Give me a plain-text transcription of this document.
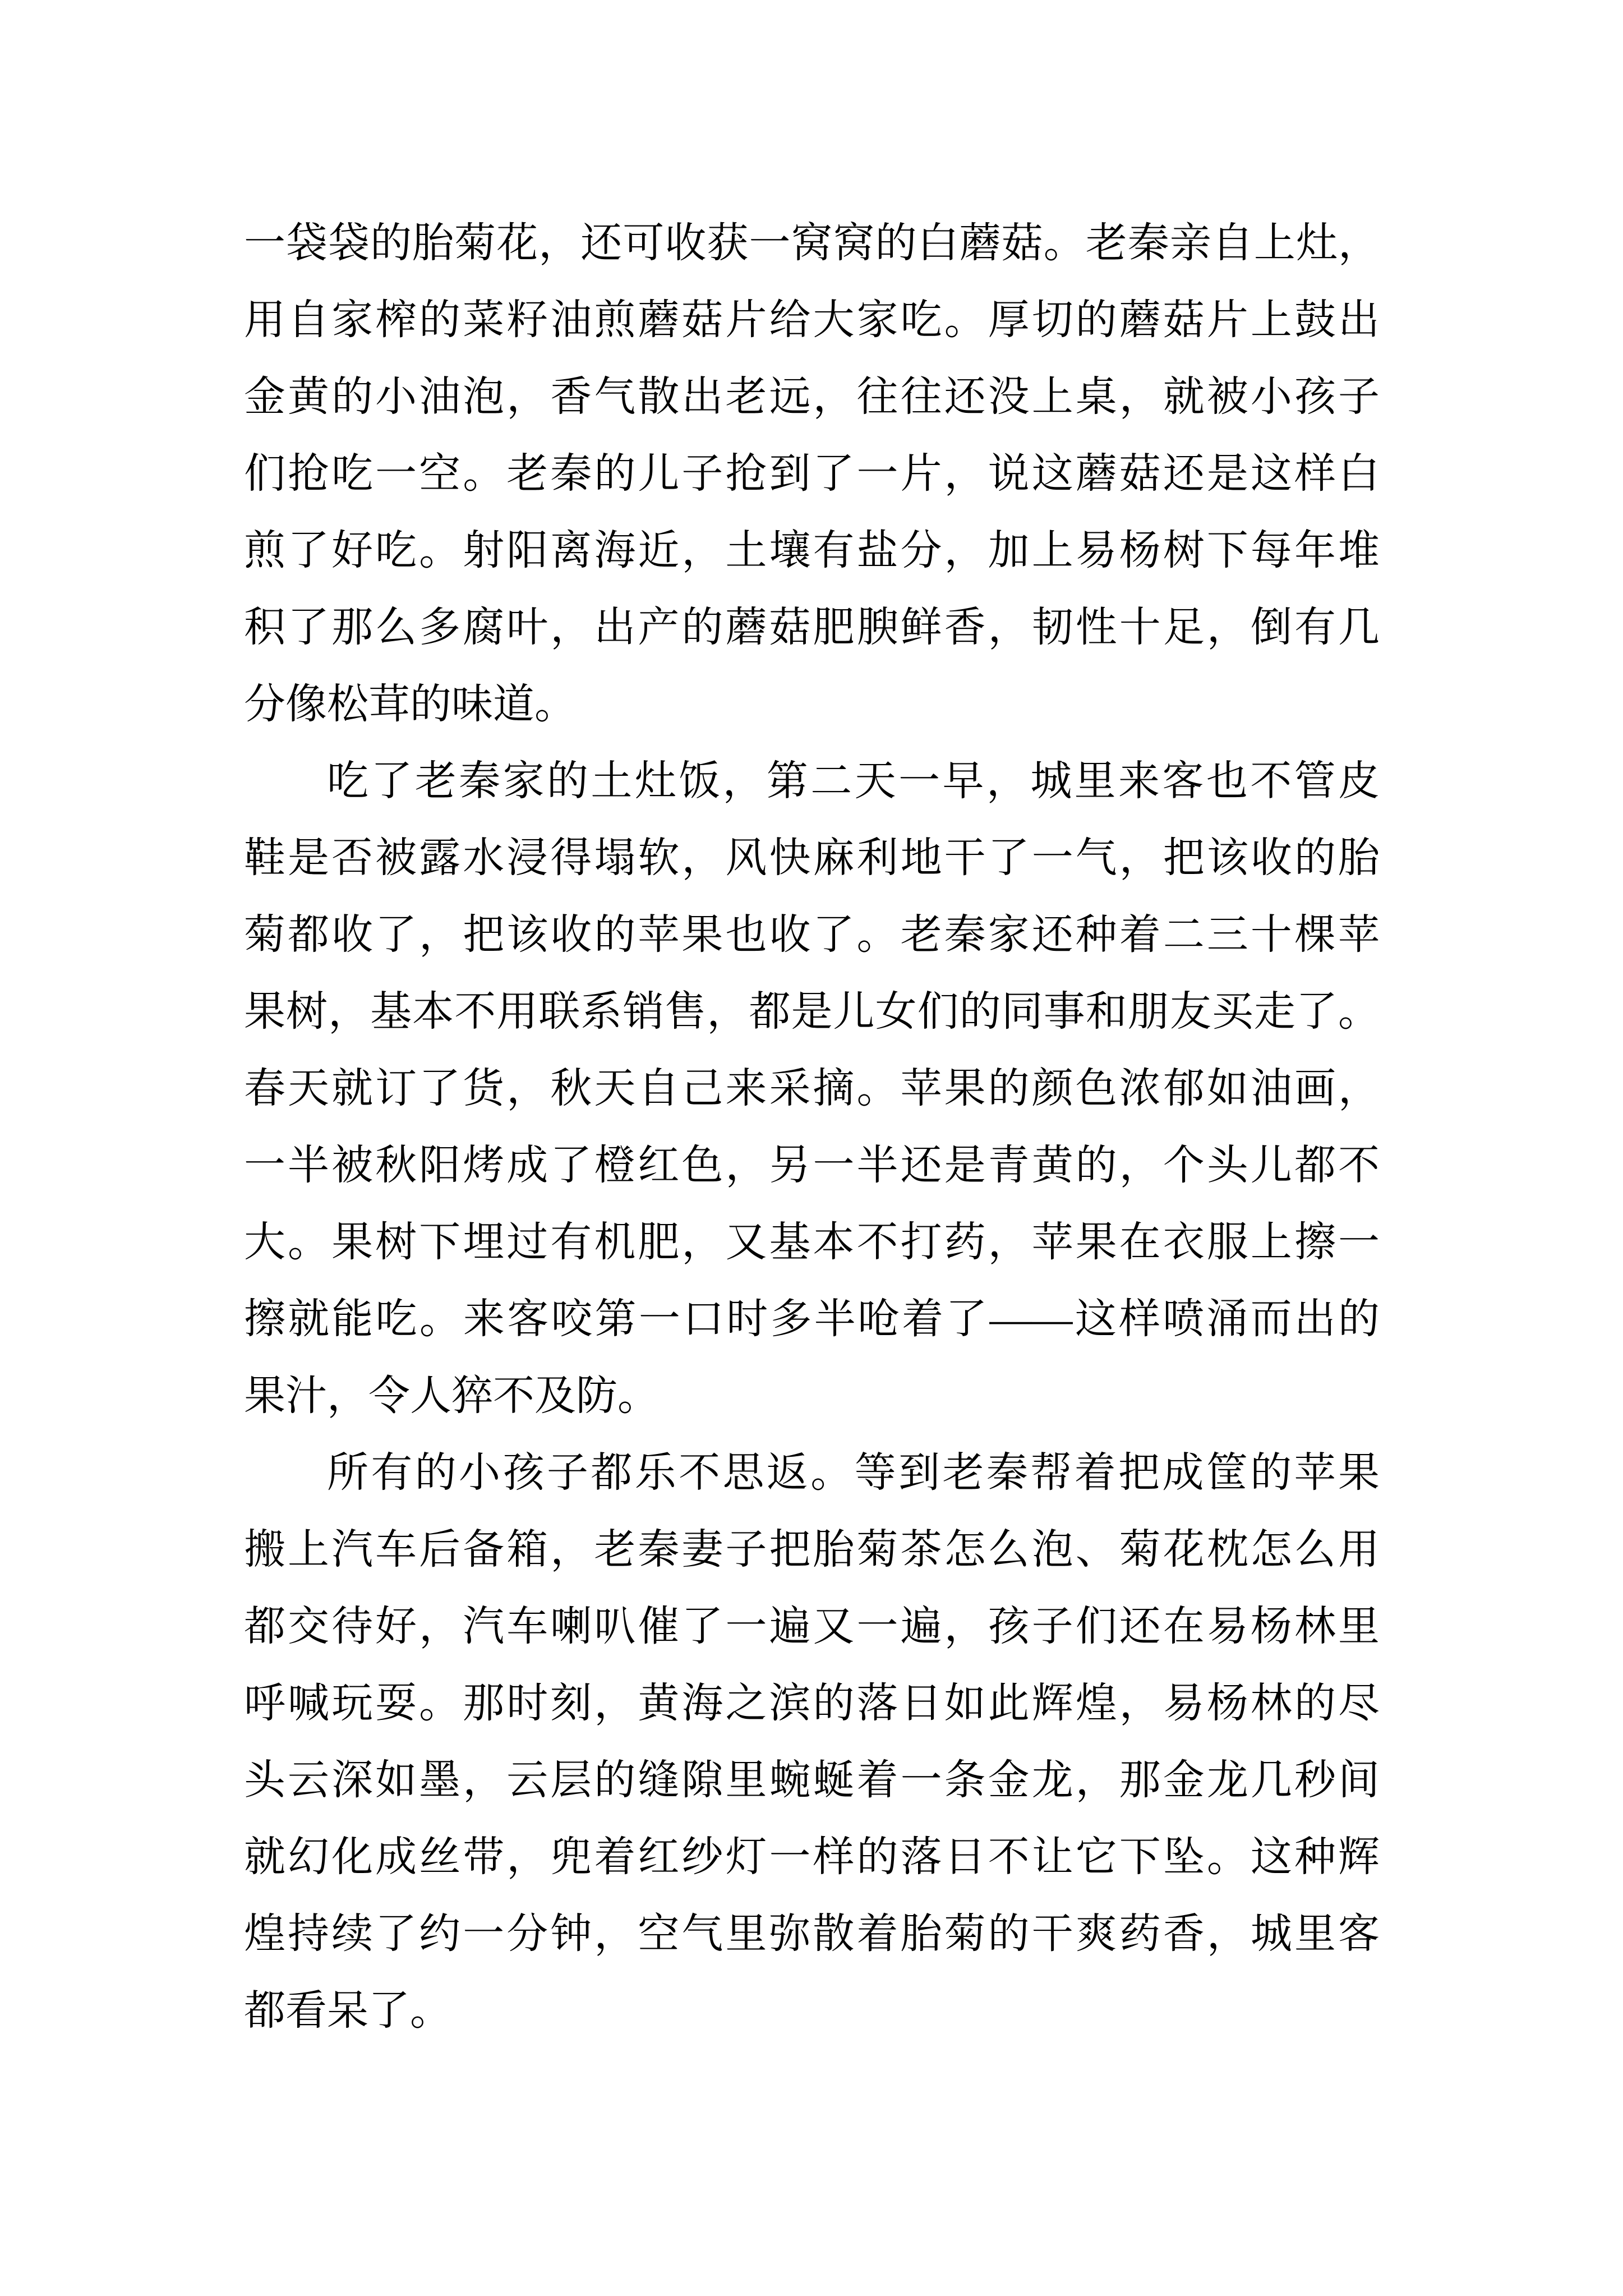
一袋袋的胎菊花，还可收获一窝窝的白蘑菇。老秦亲自上灶，
用自家榨的菜籽油煎蘑菇片给大家吃。厚切的蘑菇片上鼓出
金黄的小油泡，香气散出老远，往往还没上桌，就被小孩子
们抢吃一空。老秦的儿子抢到了一片，说这蘑菇还是这样白
煎了好吃。射阳离海近，土壤有盐分，加上易杨树下每年堆
积了那么多腐叶，出产的蘑菇肥腴鲜香，韧性十足，倒有几
分像松茸的味道。
吃了老秦家的土灶饭，第二天一早，城里来客也不管皮
鞋是否被露水浸得塌软，风快麻利地干了一气，把该收的胎
菊都收了，把该收的苹果也收了。老秦家还种着二三十棵苹
果树，基本不用联系销售，都是儿女们的同事和朋友买走了。
春天就订了货，秋天自己来采摘。苹果的颜色浓郁如油画，
一半被秋阳烤成了橙红色，另一半还是青黄的，个头儿都不
大。果树下埋过有机肥，又基本不打药，苹果在衣服上擦一
擦就能吃。来客咬第一口时多半呛着了——这样喷涌而出的
果汁，令人猝不及防。
所有的小孩子都乐不思返。等到老秦帮着把成筐的苹果
搬上汽车后备箱，老秦妻子把胎菊茶怎么泡、菊花枕怎么用
都交待好，汽车喇叭催了一遍又一遍，孩子们还在易杨林里
呼喊玩耍。那时刻，黄海之滨的落日如此辉煌，易杨林的尽
头云深如墨，云层的缝隙里蜿蜒着一条金龙，那金龙几秒间
就幻化成丝带，兜着红纱灯一样的落日不让它下坠。这种辉
煌持续了约一分钟，空气里弥散着胎菊的干爽药香，城里客
都看呆了。
